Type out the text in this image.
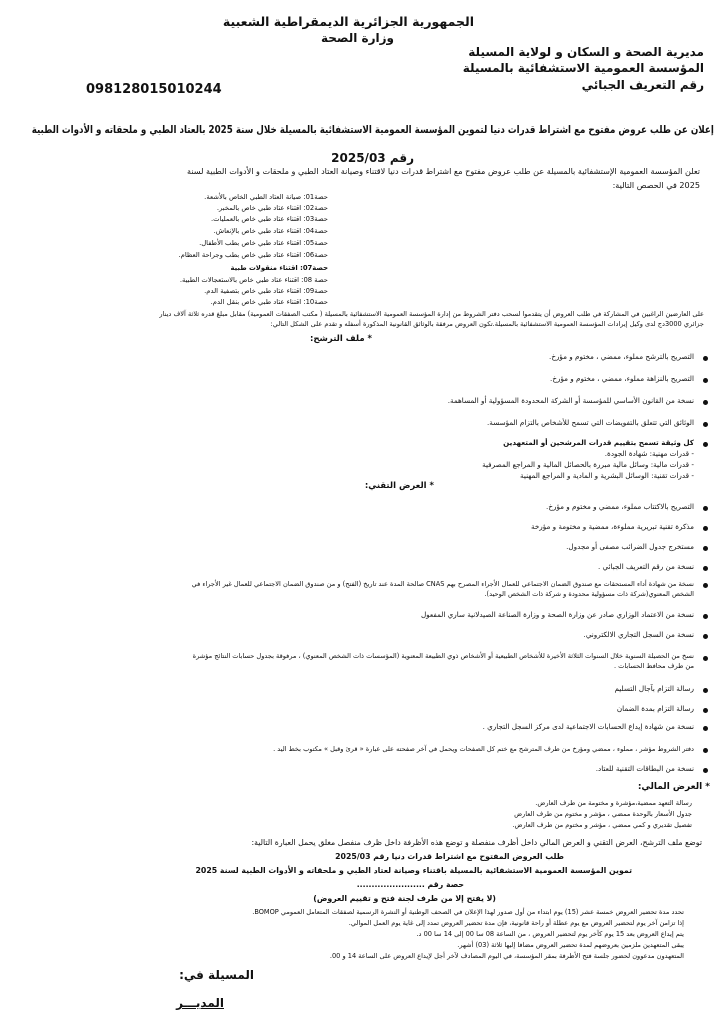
الجمهورية الجزائرية الديمقراطية الشعبية
وزارة الصحة
مديرية الصحة و السكان و لولاية المسيلة
المؤسسة العمومية الاستشفائية بالمسيلة
رقم التعريف الجبائي
098128015010244
إعلان عن طلب عروض مفتوح مع اشتراط قدرات دنيا لتموين المؤسسة العمومية الاستشفائية بالمسيلة خلال سنة 2025 بالعتاد الطبي و ملحقاته و الأدوات الطبية
رقم 2025/03
تعلن المؤسسة العمومية الإستشفائية بالمسيلة عن طلب عروض مفتوح مع اشتراط قدرات دنيا لاقتناء وصيانة العتاد الطبي و ملحقات و الأدوات الطبية لسنة
2025 في الحصص التالية:
حصة01: صيانة العتاد الطبي الخاص بالأشعة.
حصة02: اقتناء عتاد طبي خاص بالمخبر.
حصة03: اقتناء عتاد طبي خاص بالعمليات.
حصة04: اقتناء عتاد طبي خاص بالإنعاش.
حصة05: اقتناء عتاد طبي خاص بطب الأطفال.
حصة06: اقتناء عتاد طبي خاص بطب وجراحة العظام.
حصة07: اقتناء منقولات طبية
حصة 08: اقتناء عتاد طبي خاص بالاستعجالات الطبية.
حصة09: اقتناء عتاد طبي خاص بتصفية الدم.
حصة10: اقتناء عتاد طبي خاص بنقل الدم.
على العارضين الراغبين في المشاركة في طلب العروض أن يتقدموا لسحب دفتر الشروط من إدارة المؤسسة العمومية الاستشفائية بالمسيلة ( مكتب الصفقات العمومية) مقابل مبلغ قدره ثلاثة آلاف دينار
جزائري 3000دج لدى وكيل إيرادات المؤسسة العمومية الاستشفائية بالمسيلة.تكون العروض مرفقة بالوثائق القانونية المذكورة أسفله و تقدم على الشكل التالي:
* ملف الترشح:
التصريح بالترشح مملوء، ممضي ، مختوم و مؤرخ.
التصريح بالنزاهة مملوء، ممضي ، مختوم و مؤرخ.
نسخة من القانون الأساسي للمؤسسة أو الشركة المحدودة المسؤولية أو المساهمة.
الوثائق التي تتعلق بالتفويضات التي تسمح للأشخاص بالتزام المؤسسة.
كل وثيقة تسمح بتقييم قدرات المرشحين أو المتعهدين
- قدرات مهنية: شهادة الجودة.
- قدرات مالية: وسائل مالية مبررة بالحصائل المالية و المراجع المصرفية
- قدرات تقنية: الوسائل البشرية و المادية و المراجع المهنية
* العرض التقني:
التصريح بالاكتتاب مملوء، ممضي و مختوم و مؤرخ.
مذكرة تقنية تبريرية مملوءة، ممضية و مختومة و مؤرخة
مستخرج جدول الضرائب مصفى أو مجدول.
نسخة من رقم التعريف الجبائي .
نسخة من شهادة أداء المستحقات مع صندوق الضمان الاجتماعي للعمال الأجراء المصرح بهم CNAS صالحة المدة عند تاريخ (الفتح) و من صندوق الضمان الاجتماعي للعمال غير الأجراء في
الشخص المعنوي(شركة ذات مسؤولية محدودة و شركة ذات الشخص الوحيد).
نسخة من الاعتماد الوزاري صادر عن وزارة الصحة و وزارة الصناعة الصيدلانية ساري المفعول
نسخة من السجل التجاري الالكتروني.
نسخ من الحصيلة السنوية خلال السنوات الثلاثة الأخيرة للأشخاص الطبيعية أو الأشخاص ذوي الطبيعة المعنوية (المؤسسات ذات الشخص المعنوي) ، مرفوقة بجدول حسابات النتائج مؤشرة
من طرف محافظ الحسابات .
رسالة التزام بآجال التسليم
رسالة التزام بمدة الضمان
نسخة من شهادة إيداع الحسابات الاجتماعية لدى مركز السجل التجاري .
دفتر الشروط مؤشر ، مملوء ، ممضي ومؤرخ من طرف المترشح مع ختم كل الصفحات ويحمل في آخر صفحته على عبارة « قرئ وقبل » مكتوب بخط اليد .
نسخة من البطاقات التقنية للعتاد.
* العرض المالي:
رسالة التعهد ممضية،مؤشرة و مختومة من طرف العارض.
جدول الأسعار بالوحدة ممضي ، مؤشر و مختوم من طرف العارض
تفصيل تقديري و كمي ممضي ، مؤشر و مختوم من طرف العارض.
توضع ملف الترشح، العرض التقني و العرض المالي داخل أظرف منفصلة و توضع هذه الأظرفة داخل ظرف منفصل مغلق يحمل العبارة التالية:
طلب العروض المفتوح مع اشتراط قدرات دنيا رقم 2025/03
تموين المؤسسة العمومية الاستشفائية بالمسيلة باقتناء وصيانة لعتاد الطبي و ملحقاته و الأدوات الطبية لسنة 2025
حصة رقم .......................
(لا يفتح إلا من طرف لجنة فتح و تقييم العروض)
تحدد مدة تحضير العروض خمسة عشر (15) يوم ابتداء من أول صدور لهذا الإعلان في الصحف الوطنية أو النشرة الرسمية لصفقات المتعامل العمومي BOMOP.
إذا تزامن آخر يوم لتحضير العروض مع يوم عطلة أو راحة قانونية، فإن مدة تحضير العروض تمدد إلى غاية يوم العمل الموالي.
يتم إيداع العروض بعد 15 يوم كآخر يوم لتحضير العروض ، من الساعة 08 سا 00 إلى 14 سا 00 د.
يبقى المتعهدين ملزمين بعروضهم لمدة تحضير العروض مضافا إليها ثلاثة (03) أشهر.
المتعهدون مدعوون لحضور جلسة فتح الأظرفة بمقر المؤسسة، في اليوم المصادف لآخر أجل لإيداع العروض على الساعة 14 و 00.
المسيلة في:
المديـــر
